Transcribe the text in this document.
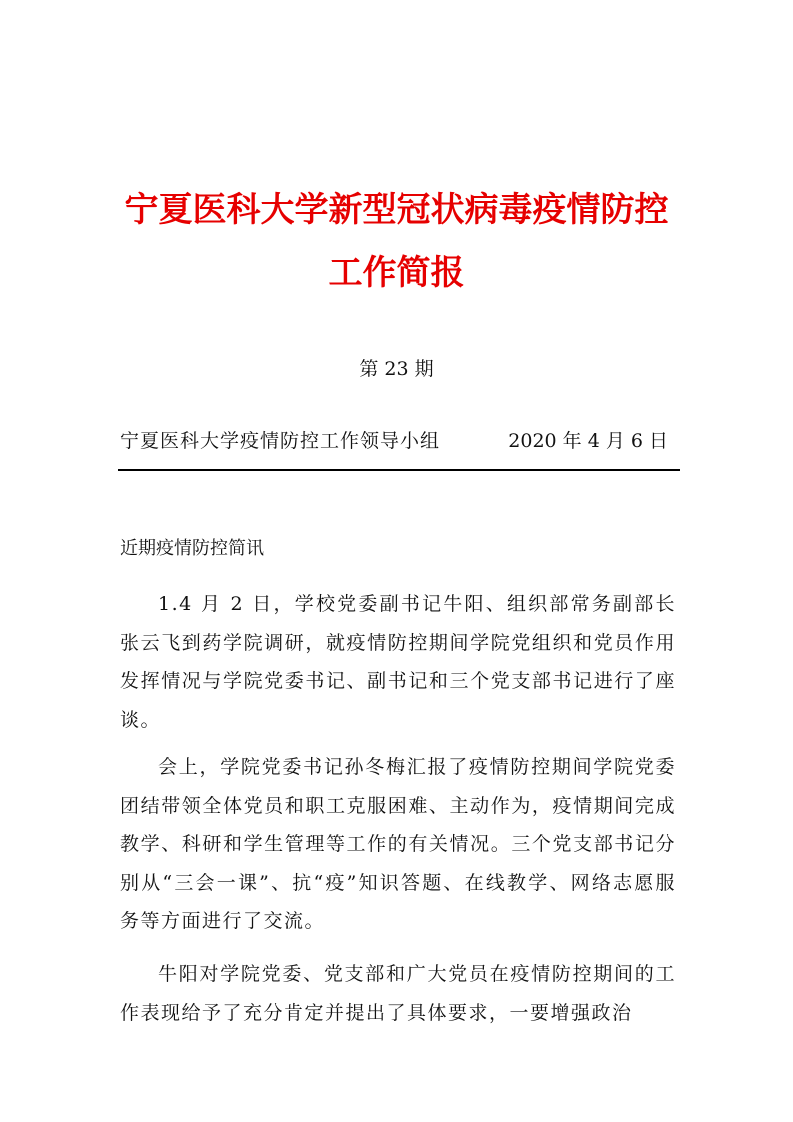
宁夏医科大学新型冠状病毒疫情防控
工作简报
第 23 期
宁夏医科大学疫情防控工作领导小组	2020 年 4 月 6 日
近期疫情防控简讯

1.4 月 2 日，学校党委副书记牛阳、组织部常务副部长张云飞到药学院调研，就疫情防控期间学院党组织和党员作用发挥情况与学院党委书记、副书记和三个党支部书记进行了座谈。

会上，学院党委书记孙冬梅汇报了疫情防控期间学院党委团结带领全体党员和职工克服困难、主动作为，疫情期间完成教学、科研和学生管理等工作的有关情况。三个党支部书记分别从“三会一课”、抗“疫”知识答题、在线教学、网络志愿服务等方面进行了交流。

牛阳对学院党委、党支部和广大党员在疫情防控期间的工作表现给予了充分肯定并提出了具体要求，一要增强政治
